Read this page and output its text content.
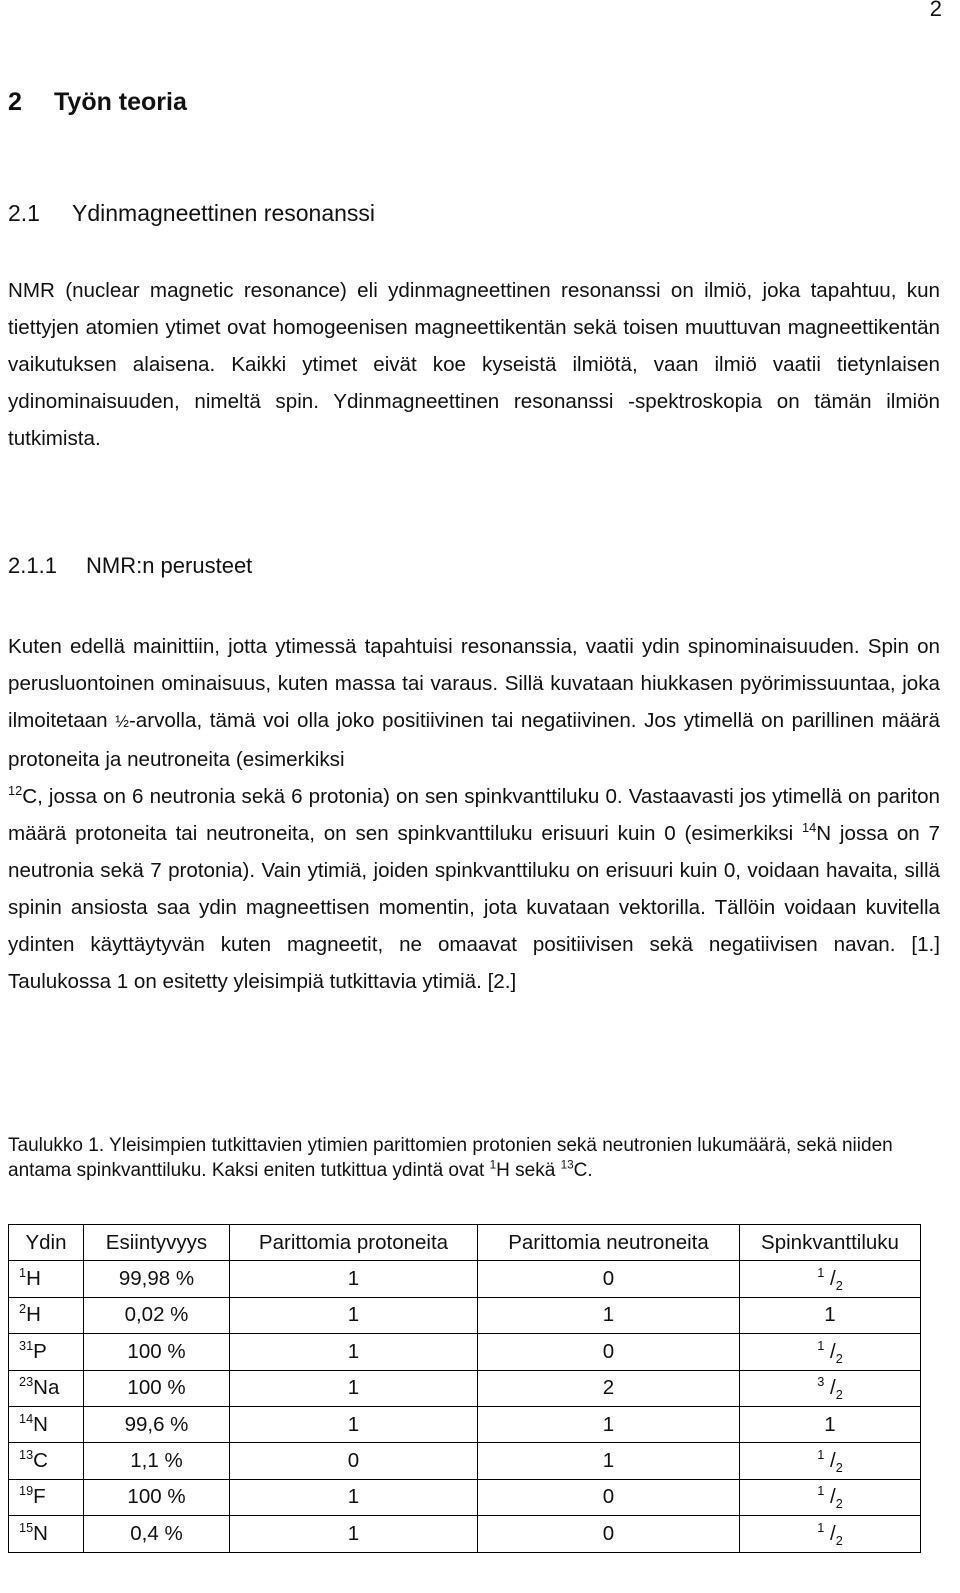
2
2 Työn teoria
2.1 Ydinmagneettinen resonanssi

NMR (nuclear magnetic resonance) eli ydinmagneettinen resonanssi on ilmiö, joka tapahtuu, kun tiettyjen atomien ytimet ovat homogeenisen magneettikentän sekä toisen muuttuvan magneettikentän vaikutuksen alaisena. Kaikki ytimet eivät koe kyseistä ilmiötä, vaan ilmiö vaatii tietynlaisen ydinominaisuuden, nimeltä spin. Ydinmagneettinen resonanssi -spektroskopia on tämän ilmiön tutkimista.

2.1.1 NMR:n perusteet

Kuten edellä mainittiin, jotta ytimessä tapahtuisi resonanssia, vaatii ydin spinominaisuuden. Spin on perusluontoinen ominaisuus, kuten massa tai varaus. Sillä kuvataan hiukkasen pyörimissuuntaa, joka ilmoitetaan ½-arvolla, tämä voi olla joko positiivinen tai negatiivinen. Jos ytimellä on parillinen määrä protoneita ja neutroneita (esimerkiksi
$^{12}$C, jossa on 6 neutronia sekä 6 protonia) on sen spinkvanttiluku 0. Vastaavasti jos ytimellä on pariton määrä protoneita tai neutroneita, on sen spinkvanttiluku erisuuri kuin 0 (esimerkiksi $^{14}$N jossa on 7 neutronia sekä 7 protonia). Vain ytimiä, joiden spinkvanttiluku on erisuuri kuin 0, voidaan havaita, sillä spinin ansiosta saa ydin magneettisen momentin, jota kuvataan vektorilla. Tällöin voidaan kuvitella ydinten käyttäytyvän kuten magneetit, ne omaavat positiivisen sekä negatiivisen navan. [1.] Taulukossa 1 on esitetty yleisimpiä tutkittavia ytimiä. [2.]

Taulukko 1. Yleisimpien tutkittavien ytimien parittomien protonien sekä neutronien lukumäärä, sekä niiden antama spinkvanttiluku. Kaksi eniten tutkittua ydintä ovat $^1$H sekä $^{13}$C.

Ydin	Esiintyvyys	Parittomia protoneita	Parittomia neutroneita	Spinkvanttiluku
$^1$H	99,98 %	1	0	$^1$ $/_2$
$^2$H	0,02 %	1	1	1
$^{31}$P	100 %	1	0	$^1$ $/_2$
$^{23}$Na	100 %	1	2	$^3$ $/_2$
$^{14}$N	99,6 %	1	1	1
$^{13}$C	1,1 %	0	1	$^1$ $/_2$
$^{19}$F	100 %	1	0	$^1$ $/_2$
$^{15}$N	0,4 %	1	0	$^1$ $/_2$
